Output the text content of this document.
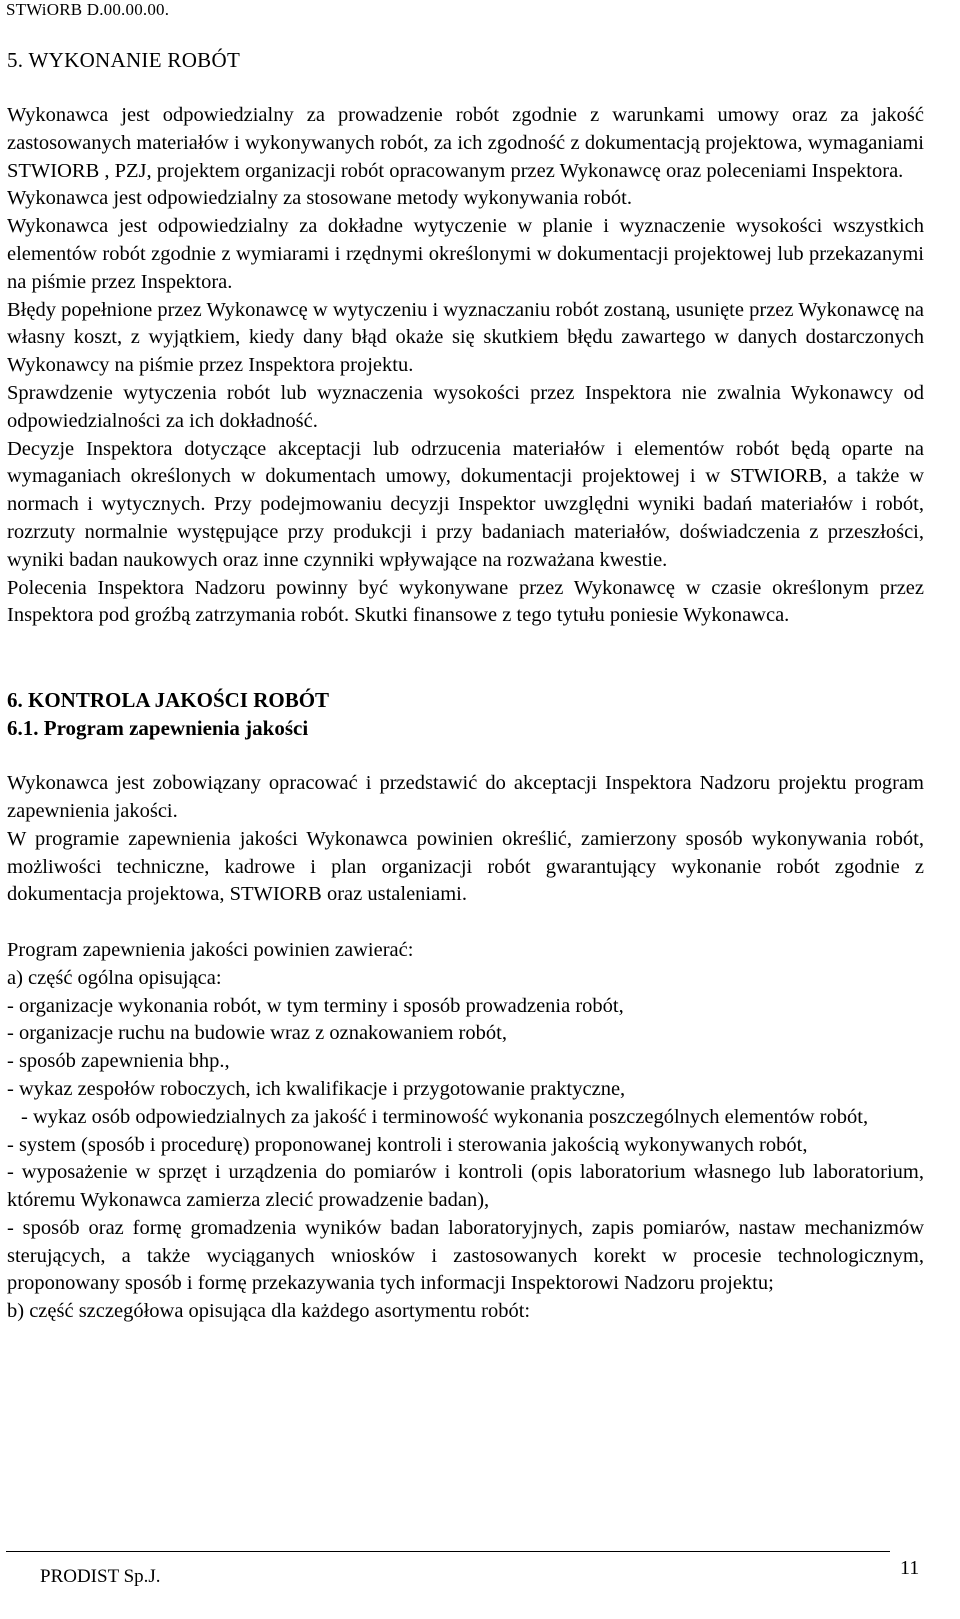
STWiORB D.00.00.00.
5. WYKONANIE ROBÓT

Wykonawca jest odpowiedzialny za prowadzenie robót zgodnie z warunkami umowy oraz za jakość zastosowanych materiałów i wykonywanych robót, za ich zgodność z dokumentacją projektowa, wymaganiami STWIORB , PZJ, projektem organizacji robót opracowanym przez Wykonawcę oraz poleceniami Inspektora.

Wykonawca jest odpowiedzialny za stosowane metody wykonywania robót.

Wykonawca jest odpowiedzialny za dokładne wytyczenie w planie i wyznaczenie wysokości wszystkich elementów robót zgodnie z wymiarami i rzędnymi określonymi w dokumentacji projektowej lub przekazanymi na piśmie przez Inspektora.

Błędy popełnione przez Wykonawcę w wytyczeniu i wyznaczaniu robót zostaną, usunięte przez Wykonawcę na własny koszt, z wyjątkiem, kiedy dany błąd okaże się skutkiem błędu zawartego w danych dostarczonych Wykonawcy na piśmie przez Inspektora projektu.

Sprawdzenie wytyczenia robót lub wyznaczenia wysokości przez Inspektora nie zwalnia Wykonawcy od odpowiedzialności za ich dokładność.

Decyzje Inspektora dotyczące akceptacji lub odrzucenia materiałów i elementów robót będą oparte na wymaganiach określonych w dokumentach umowy, dokumentacji projektowej i w STWIORB, a także w normach i wytycznych. Przy podejmowaniu decyzji Inspektor uwzględni wyniki badań materiałów i robót, rozrzuty normalnie występujące przy produkcji i przy badaniach materiałów, doświadczenia z przeszłości, wyniki badan naukowych oraz inne czynniki wpływające na rozważana kwestie.

Polecenia Inspektora Nadzoru powinny być wykonywane przez Wykonawcę w czasie określonym przez Inspektora pod groźbą zatrzymania robót. Skutki finansowe z tego tytułu poniesie Wykonawca.

6. KONTROLA JAKOŚCI ROBÓT
6.1. Program zapewnienia jakości

Wykonawca jest zobowiązany opracować i przedstawić do akceptacji Inspektora Nadzoru projektu program zapewnienia jakości.

W programie zapewnienia jakości Wykonawca powinien określić, zamierzony sposób wykonywania robót, możliwości techniczne, kadrowe i plan organizacji robót gwarantujący wykonanie robót zgodnie z dokumentacja projektowa, STWIORB oraz ustaleniami.

Program zapewnienia jakości powinien zawierać:

a) część ogólna opisująca:

- organizacje wykonania robót, w tym terminy i sposób prowadzenia robót,

- organizacje ruchu na budowie wraz z oznakowaniem robót,

- sposób zapewnienia bhp.,

- wykaz zespołów roboczych, ich kwalifikacje i przygotowanie praktyczne,

- wykaz osób odpowiedzialnych za jakość i terminowość wykonania poszczególnych elementów robót,

- system (sposób i procedurę) proponowanej kontroli i sterowania jakością wykonywanych robót,

- wyposażenie w sprzęt i urządzenia do pomiarów i kontroli (opis laboratorium własnego lub laboratorium, któremu Wykonawca zamierza zlecić prowadzenie badan),

- sposób oraz formę gromadzenia wyników badan laboratoryjnych, zapis pomiarów, nastaw mechanizmów sterujących, a także wyciąganych wniosków i zastosowanych korekt w procesie technologicznym, proponowany sposób i formę przekazywania tych informacji Inspektorowi Nadzoru projektu;

b) część szczegółowa opisująca dla każdego asortymentu robót:

PRODIST Sp.J.	11
